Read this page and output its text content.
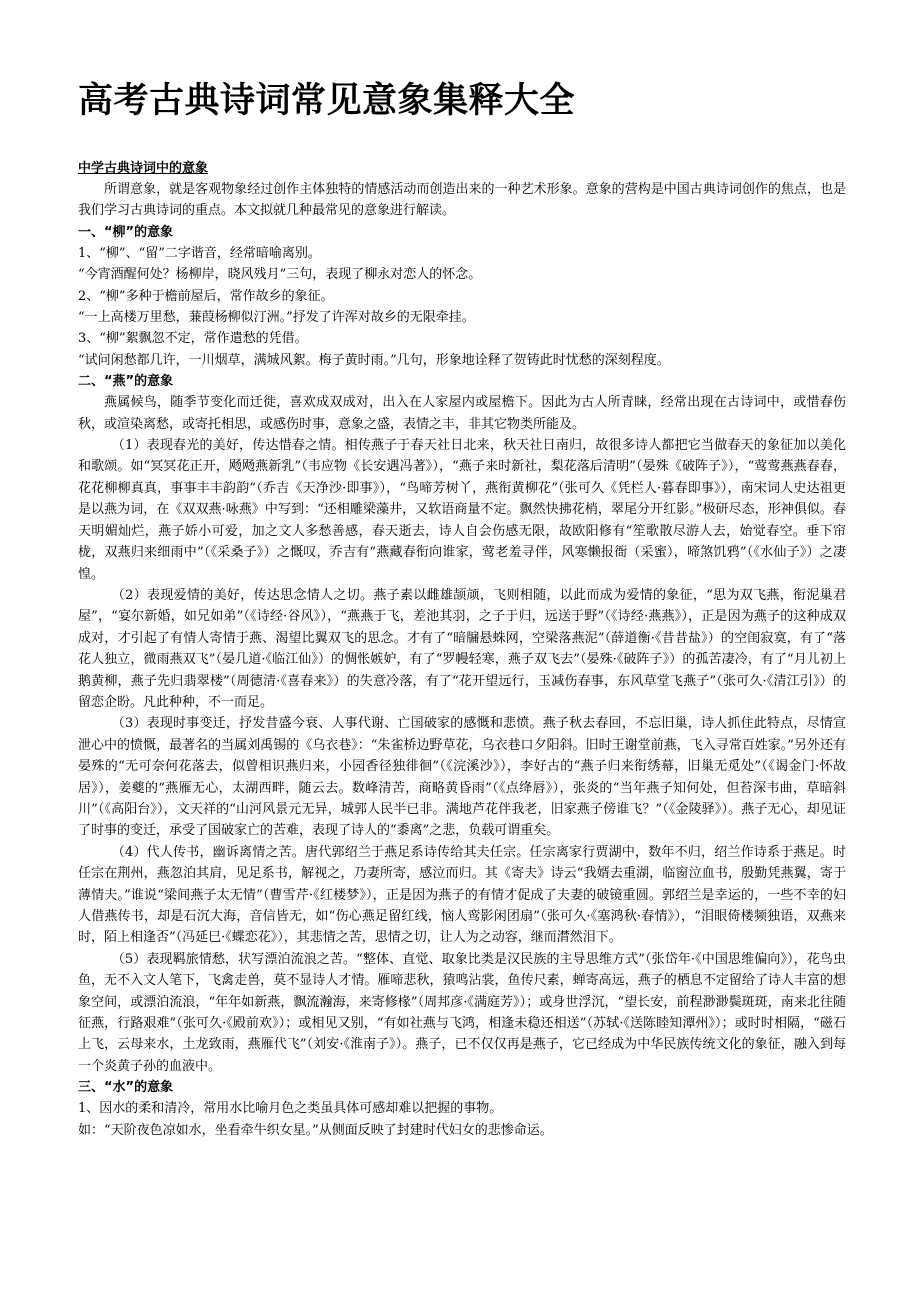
高考古典诗词常见意象集释大全
中学古典诗词中的意象

所谓意象，就是客观物象经过创作主体独特的情感活动而创造出来的一种艺术形象。意象的营构是中国古典诗词创作的焦点，也是我们学习古典诗词的重点。本文拟就几种最常见的意象进行解读。

一、“柳”的意象

1、“柳”、“留”二字谐音，经常暗喻离别。

“今宵酒醒何处？杨柳岸，晓风残月”三句，表现了柳永对恋人的怀念。

2、“柳”多种于檐前屋后，常作故乡的象征。

“一上高楼万里愁，蒹葭杨柳似汀洲。”抒发了许浑对故乡的无限牵挂。

3、“柳”絮飘忽不定，常作遣愁的凭借。

“试问闲愁都几许，一川烟草，满城风絮。梅子黄时雨。”几句，形象地诠释了贺铸此时忧愁的深刻程度。

二、“燕”的意象

燕属候鸟，随季节变化而迁徙，喜欢成双成对，出入在人家屋内或屋檐下。因此为古人所青睐，经常出现在古诗词中，或惜春伤秋，或渲染离愁，或寄托相思，或感伤时事，意象之盛，表情之丰，非其它物类所能及。

（1）表现春光的美好，传达惜春之情。相传燕子于春天社日北来，秋天社日南归，故很多诗人都把它当做春天的象征加以美化和歌颂。如“冥冥花正开，飏飏燕新乳”（韦应物《长安遇冯著》），“燕子来时新社，梨花落后清明”（晏殊《破阵子》），“莺莺燕燕春春，花花柳柳真真，事事丰丰韵韵”（乔吉《天净沙·即事》），“鸟啼芳树丫，燕衔黄柳花”（张可久《凭栏人·暮春即事》），南宋词人史达祖更是以燕为词，在《双双燕·咏燕》中写到：“还相雕梁藻井，又软语商量不定。飘然快拂花梢，翠尾分开红影。”极研尽态，形神俱似。春天明媚灿烂，燕子娇小可爱，加之文人多愁善感，春天逝去，诗人自会伤感无限，故欧阳修有“笙歌散尽游人去，始觉春空。垂下帘栊，双燕归来细雨中”（《采桑子》）之慨叹，乔吉有“燕藏春衔向谁家，莺老羞寻伴，风寒懒报衙（采蜜），啼煞饥鸦”（《水仙子》）之凄惶。

（2）表现爱情的美好，传达思念情人之切。燕子素以雌雄颉颃，飞则相随，以此而成为爱情的象征，“思为双飞燕，衔泥巢君屋”，“宴尔新婚，如兄如弟”（《诗经·谷风》），“燕燕于飞，差池其羽，之子于归，远送于野”（《诗经·燕燕》），正是因为燕子的这种成双成对，才引起了有情人寄情于燕、渴望比翼双飞的思念。才有了“暗牖悬蛛网，空梁落燕泥”（薛道衡·《昔昔盐》）的空闺寂寞，有了“落花人独立，微雨燕双飞”（晏几道·《临江仙》）的惆怅嫉妒，有了“罗幔轻寒，燕子双飞去”（晏殊·《破阵子》）的孤苦凄冷，有了“月儿初上鹅黄柳，燕子先归翡翠楼”（周德清·《喜春来》）的失意冷落，有了“花开望远行，玉减伤春事，东风草堂飞燕子”（张可久·《清江引》）的留恋企盼。凡此种种，不一而足。

（3）表现时事变迁，抒发昔盛今衰、人事代谢、亡国破家的感慨和悲愤。燕子秋去春回，不忘旧巢，诗人抓住此特点，尽情宣泄心中的愤慨，最著名的当属刘禹锡的《乌衣巷》：“朱雀桥边野草花，乌衣巷口夕阳斜。旧时王谢堂前燕，飞入寻常百姓家。”另外还有晏殊的“无可奈何花落去，似曾相识燕归来，小园香径独徘徊”（《浣溪沙》），李好古的“燕子归来衔绣幕，旧巢无觅处”（《谒金门·怀故居》），姜夔的“燕雁无心，太湖西畔，随云去。数峰清苦，商略黄昏雨”（《点绛唇》），张炎的“当年燕子知何处，但苔深韦曲，草暗斜川”（《高阳台》），文天祥的“山河风景元无异，城郭人民半已非。满地芦花伴我老，旧家燕子傍谁飞？”（《金陵驿》）。燕子无心，却见证了时事的变迁，承受了国破家亡的苦难，表现了诗人的“黍离”之悲，负载可谓重矣。

（4）代人传书，幽诉离情之苦。唐代郭绍兰于燕足系诗传给其夫任宗。任宗离家行贾湖中，数年不归，绍兰作诗系于燕足。时任宗在荆州，燕忽泊其肩，见足系书，解视之，乃妻所寄，感泣而归。其《寄夫》诗云“我婿去重湖，临窗泣血书，殷勤凭燕翼，寄于薄情夫。”谁说“梁间燕子太无情”（曹雪芹·《红楼梦》），正是因为燕子的有情才促成了夫妻的破镜重圆。郭绍兰是幸运的，一些不幸的妇人借燕传书，却是石沉大海，音信皆无，如“伤心燕足留红线，恼人鸾影闲团扇”（张可久·《塞鸿秋·春情》），“泪眼倚楼频独语，双燕来时，陌上相逢否”（冯延巳·《蝶恋花》），其悲情之苦，思情之切，让人为之动容，继而潸然泪下。

（5）表现羁旅情愁，状写漂泊流浪之苦。“整体、直觉、取象比类是汉民族的主导思维方式”（张岱年·《中国思维偏向》），花鸟虫鱼，无不入文人笔下，飞禽走兽，莫不显诗人才情。雁啼悲秋，猿鸣沾裳，鱼传尺素，蝉寄高远，燕子的栖息不定留给了诗人丰富的想象空间，或漂泊流浪，“年年如新燕，飘流瀚海，来寄修椽”（周邦彦·《满庭芳》）；或身世浮沉，“望长安，前程渺渺鬓斑斑，南来北往随征燕，行路艰难”（张可久·《殿前欢》）；或相见又别，“有如社燕与飞鸿，相逢未稳还相送”（苏轼·《送陈睦知潭州》）；或时时相隔，“磁石上飞，云母来水，土龙致雨，燕雁代飞”（刘安·《淮南子》）。燕子，已不仅仅再是燕子，它已经成为中华民族传统文化的象征，融入到每一个炎黄子孙的血液中。

三、“水”的意象

1、因水的柔和清冷，常用水比喻月色之类虽具体可感却难以把握的事物。

如：“天阶夜色凉如水，坐看牵牛织女星。”从侧面反映了封建时代妇女的悲惨命运。
